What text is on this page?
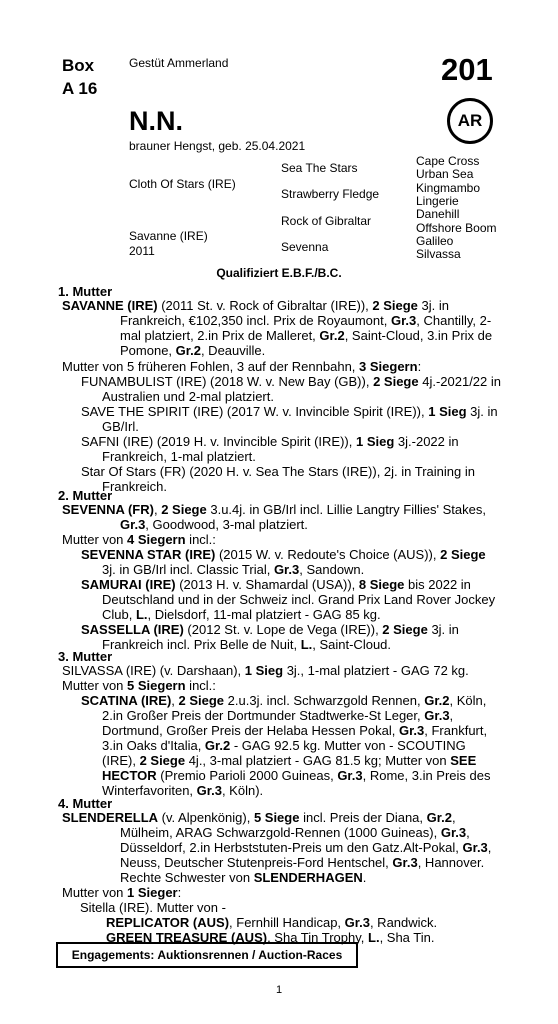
Box
A 16
Gestüt Ammerland	201
N.N.	AR
brauner Hengst, geb. 25.04.2021
Cloth Of Stars (IRE)
Savanne (IRE)
2011
Sea The Stars
Strawberry Fledge
Rock of Gibraltar
Sevenna
Cape Cross
Urban Sea
Kingmambo
Lingerie
Danehill
Offshore Boom
Galileo
Silvassa
Qualifiziert E.B.F./B.C.
1. Mutter
SAVANNE (IRE) (2011 St. v. Rock of Gibraltar (IRE)), 2 Siege 3j. in Frankreich, €102,350 incl. Prix de Royaumont, Gr.3, Chantilly, 2-mal platziert, 2.in Prix de Malleret, Gr.2, Saint-Cloud, 3.in Prix de Pomone, Gr.2, Deauville.
Mutter von 5 früheren Fohlen, 3 auf der Rennbahn, 3 Siegern:
FUNAMBULIST (IRE) (2018 W. v. New Bay (GB)), 2 Siege 4j.-2021/22 in Australien und 2-mal platziert.
SAVE THE SPIRIT (IRE) (2017 W. v. Invincible Spirit (IRE)), 1 Sieg 3j. in GB/Irl.
SAFNI (IRE) (2019 H. v. Invincible Spirit (IRE)), 1 Sieg 3j.-2022 in Frankreich, 1-mal platziert.
Star Of Stars (FR) (2020 H. v. Sea The Stars (IRE)), 2j. in Training in Frankreich.
2. Mutter
SEVENNA (FR), 2 Siege 3.u.4j. in GB/Irl incl. Lillie Langtry Fillies' Stakes, Gr.3, Goodwood, 3-mal platziert.
Mutter von 4 Siegern incl.:
SEVENNA STAR (IRE) (2015 W. v. Redoute's Choice (AUS)), 2 Siege 3j. in GB/Irl incl. Classic Trial, Gr.3, Sandown.
SAMURAI (IRE) (2013 H. v. Shamardal (USA)), 8 Siege bis 2022 in Deutschland und in der Schweiz incl. Grand Prix Land Rover Jockey Club, L., Dielsdorf, 11-mal platziert - GAG 85 kg.
SASSELLA (IRE) (2012 St. v. Lope de Vega (IRE)), 2 Siege 3j. in Frankreich incl. Prix Belle de Nuit, L., Saint-Cloud.
3. Mutter
SILVASSA (IRE) (v. Darshaan), 1 Sieg 3j., 1-mal platziert - GAG 72 kg.
Mutter von 5 Siegern incl.:
SCATINA (IRE), 2 Siege 2.u.3j. incl. Schwarzgold Rennen, Gr.2, Köln, 2.in Großer Preis der Dortmunder Stadtwerke-St Leger, Gr.3, Dortmund, Großer Preis der Helaba Hessen Pokal, Gr.3, Frankfurt, 3.in Oaks d'Italia, Gr.2 - GAG 92.5 kg. Mutter von - SCOUTING (IRE), 2 Siege 4j., 3-mal platziert - GAG 81.5 kg; Mutter von SEE HECTOR (Premio Parioli 2000 Guineas, Gr.3, Rome, 3.in Preis des Winterfavoriten, Gr.3, Köln).
4. Mutter
SLENDERELLA (v. Alpenkönig), 5 Siege incl. Preis der Diana, Gr.2, Mülheim, ARAG Schwarzgold-Rennen (1000 Guineas), Gr.3, Düsseldorf, 2.in Herbststuten-Preis um den Gatz.Alt-Pokal, Gr.3, Neuss, Deutscher Stutenpreis-Ford Hentschel, Gr.3, Hannover. Rechte Schwester von SLENDERHAGEN.
Mutter von 1 Sieger:
Sitella (IRE). Mutter von -
REPLICATOR (AUS), Fernhill Handicap, Gr.3, Randwick.
GREEN TREASURE (AUS), Sha Tin Trophy, L., Sha Tin.
Engagements: Auktionsrennen / Auction-Races
1
